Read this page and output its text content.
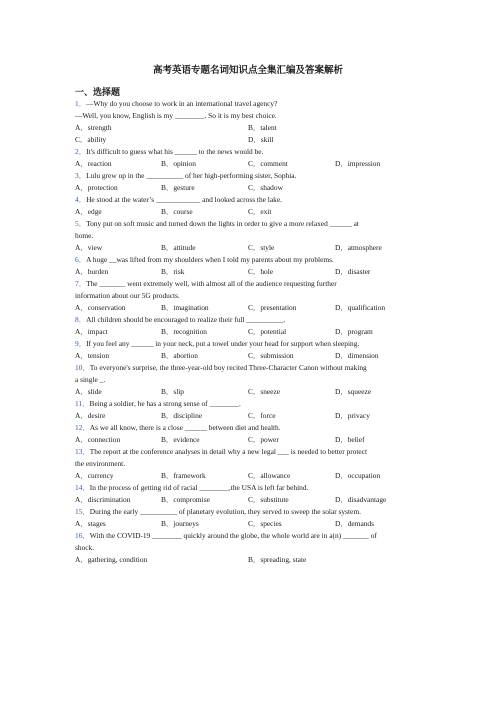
高考英语专题名词知识点全集汇编及答案解析
一、选择题
1．—Why do you choose to work in an international travel agency?
—Well, you know, English is my ________. So it is my best choice.
A．strength	B．talent
C．ability	D．skill
2．It's difficult to guess what his ______ to the news would be.
A．reaction	B．opinion	C．comment	D．impression
3．Lulu grew up in the __________ of her high-performing sister, Sophia.
A．protection	B．gesture	C．shadow
4．He stood at the water’s ____________ and looked across the lake.
A．edge	B．course	C．exit
5．Tony put on soft music and turned down the lights in order to give a more relaxed ______ at
home.
A．view	B．attitude	C．style	D．atmosphere
6．A huge __was lifted from my shoulders when I told my parents about my problems.
A．burden	B．risk	C．hole	D．disaster
7．The _______ went extremely well, with almost all of the audience requesting further
information about our 5G products.
A．conservation	B．imagination	C．presentation	D．qualification
8．All children should be encouraged to realize their full __________.
A．impact	B．recognition	C．potential	D．program
9．If you feel any ______ in your neck, put a towel under your head for support when sleeping.
A．tension	B．abortion	C．submission	D．dimension
10．To everyone's surprise, the three-year-old boy recited Three-Character Canon without making
a single _.
A．slide	B．slip	C．sneeze	D．squeeze
11．Being a soldier, he has a strong sense of ________.
A．desire	B．discipline	C．force	D．privacy
12．As we all know, there is a close ______ between diet and health.
A．connection	B．evidence	C．power	D．belief
13．The report at the conference analyses in detail why a new legal ___ is needed to better protect
the environment.
A．currency	B．framework	C．allowance	D．occupation
14．In the process of getting rid of racial ________,the USA is left far behind.
A．discrimination	B．compromise	C．substitute	D．disadvantage
15．During the early __________ of planetary evolution, they served to sweep the solar system.
A．stages	B．journeys	C．species	D．demands
16．With the COVID-19 ________ quickly around the globe, the whole world are in a(n) _______ of
shock.
A．gathering, condition	B．spreading, state
